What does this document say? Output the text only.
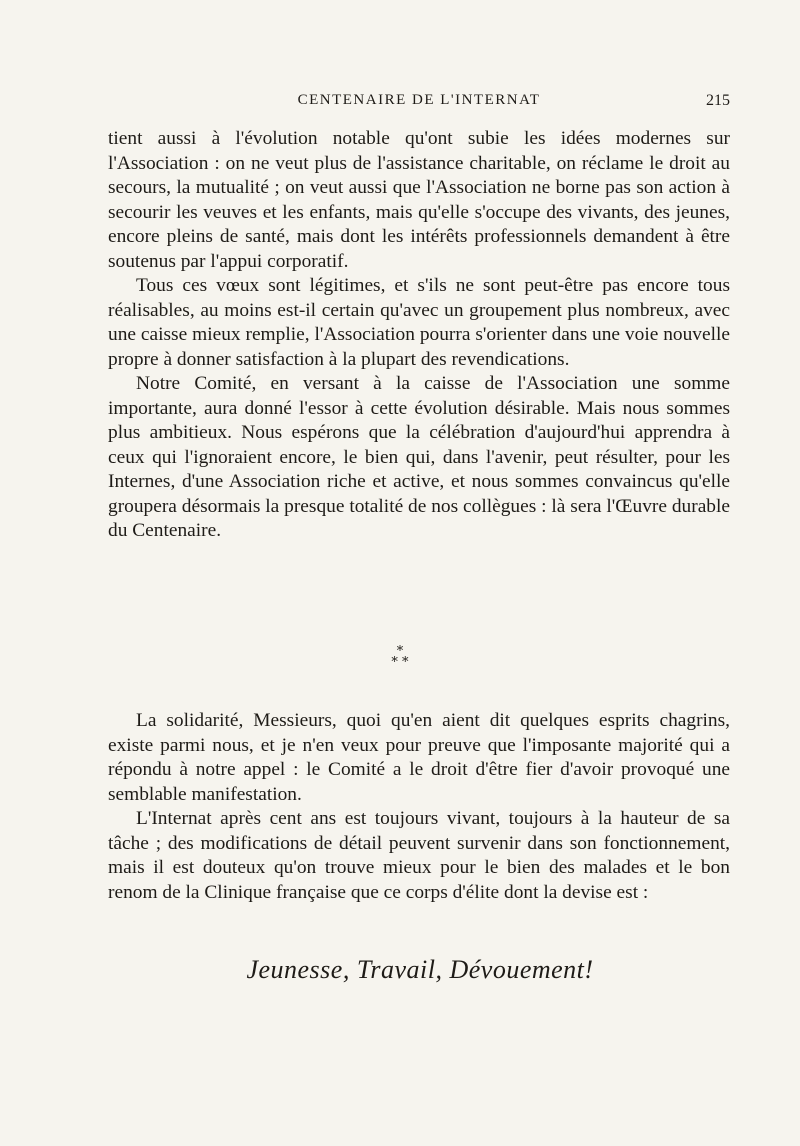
CENTENAIRE DE L'INTERNAT	215

tient aussi à l'évolution notable qu'ont subie les idées modernes sur l'Association : on ne veut plus de l'assistance charitable, on réclame le droit au secours, la mutualité ; on veut aussi que l'Association ne borne pas son action à secourir les veuves et les enfants, mais qu'elle s'occupe des vivants, des jeunes, encore pleins de santé, mais dont les intérêts professionnels demandent à être soutenus par l'appui corporatif.

Tous ces vœux sont légitimes, et s'ils ne sont peut-être pas encore tous réalisables, au moins est-il certain qu'avec un groupement plus nombreux, avec une caisse mieux remplie, l'Association pourra s'orienter dans une voie nouvelle propre à donner satisfaction à la plupart des revendications.

Notre Comité, en versant à la caisse de l'Association une somme importante, aura donné l'essor à cette évolution désirable. Mais nous sommes plus ambitieux. Nous espérons que la célébration d'aujourd'hui apprendra à ceux qui l'ignoraient encore, le bien qui, dans l'avenir, peut résulter, pour les Internes, d'une Association riche et active, et nous sommes convaincus qu'elle groupera désormais la presque totalité de nos collègues : là sera l'Œuvre durable du Centenaire.

*
* *

La solidarité, Messieurs, quoi qu'en aient dit quelques esprits chagrins, existe parmi nous, et je n'en veux pour preuve que l'imposante majorité qui a répondu à notre appel : le Comité a le droit d'être fier d'avoir provoqué une semblable manifestation.

L'Internat après cent ans est toujours vivant, toujours à la hauteur de sa tâche ; des modifications de détail peuvent survenir dans son fonctionnement, mais il est douteux qu'on trouve mieux pour le bien des malades et le bon renom de la Clinique française que ce corps d'élite dont la devise est :

Jeunesse, Travail, Dévouement!
